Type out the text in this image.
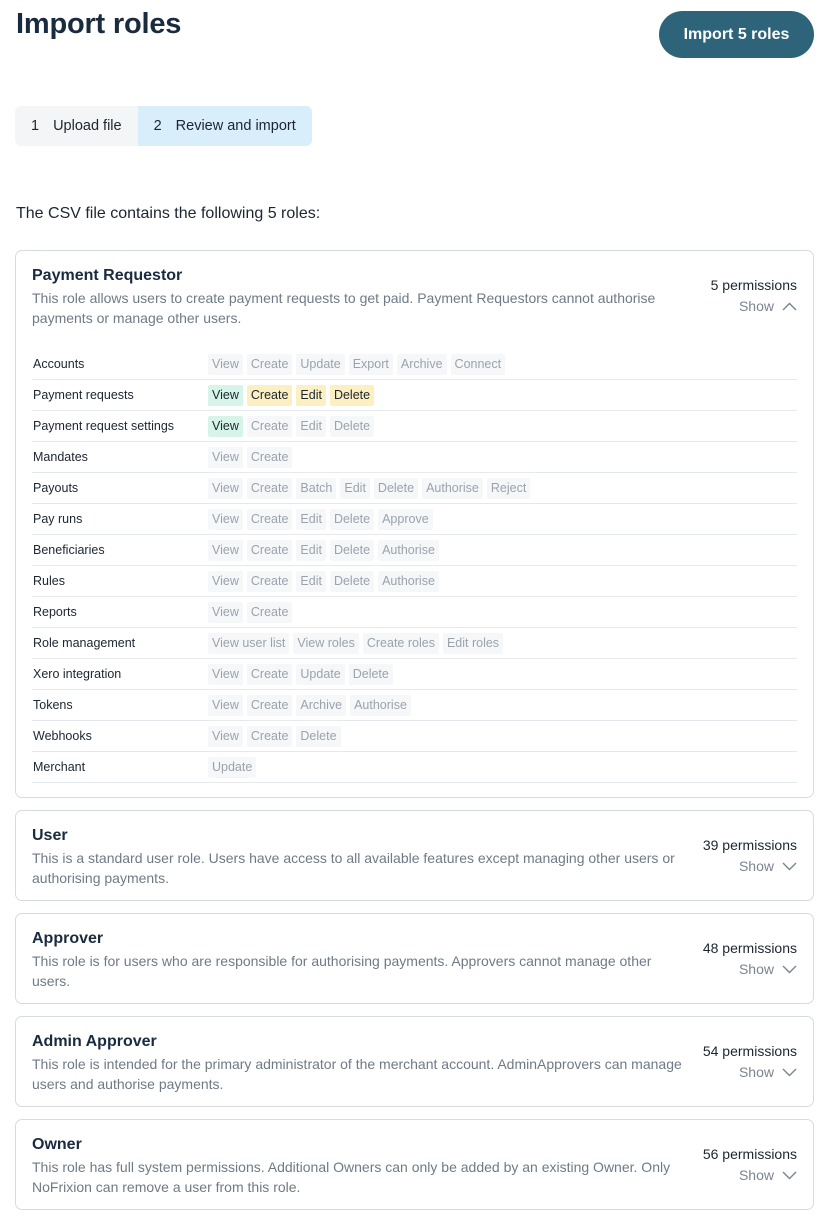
Import roles	Import 5 roles
1 Upload file 2 Review and import

The CSV file contains the following 5 roles:

Payment Requestor
This role allows users to create payment requests to get paid. Payment Requestors cannot authorise payments or manage other users.
5 permissions
Show
Accounts	View Create Update Export Archive Connect
Payment requests	View Create Edit Delete
Payment request settings	View Create Edit Delete
Mandates	View Create
Payouts	View Create Batch Edit Delete Authorise Reject
Pay runs	View Create Edit Delete Approve
Beneficiaries	View Create Edit Delete Authorise
Rules	View Create Edit Delete Authorise
Reports	View Create
Role management	View user list View roles Create roles Edit roles
Xero integration	View Create Update Delete
Tokens	View Create Archive Authorise
Webhooks	View Create Delete
Merchant	Update
User
This is a standard user role. Users have access to all available features except managing other users or authorising payments.
39 permissions
Show
Approver
This role is for users who are responsible for authorising payments. Approvers cannot manage other users.
48 permissions
Show
Admin Approver
This role is intended for the primary administrator of the merchant account. AdminApprovers can manage users and authorise payments.
54 permissions
Show
Owner
This role has full system permissions. Additional Owners can only be added by an existing Owner. Only NoFrixion can remove a user from this role.
56 permissions
Show
